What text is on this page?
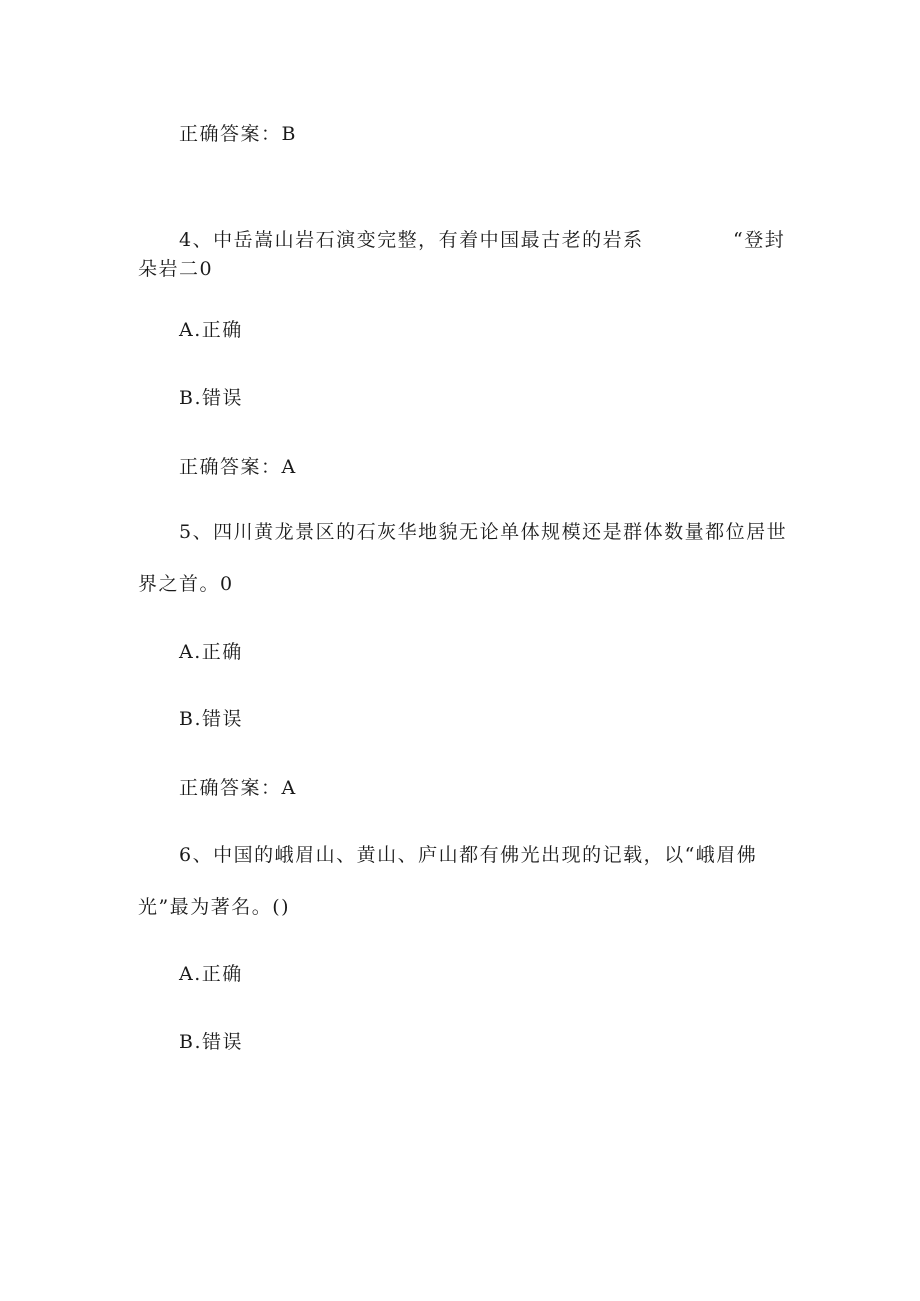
正确答案：B
4、中岳嵩山岩石演变完整，有着中国最古老的岩系	“登封
朵岩二0
A.正确
B.错误
正确答案：A
5、四川黄龙景区的石灰华地貌无论单体规模还是群体数量都位居世
界之首。0
A.正确
B.错误
正确答案：A
6、中国的峨眉山、黄山、庐山都有佛光出现的记载，以“峨眉佛
光”最为著名。()
A.正确
B.错误
